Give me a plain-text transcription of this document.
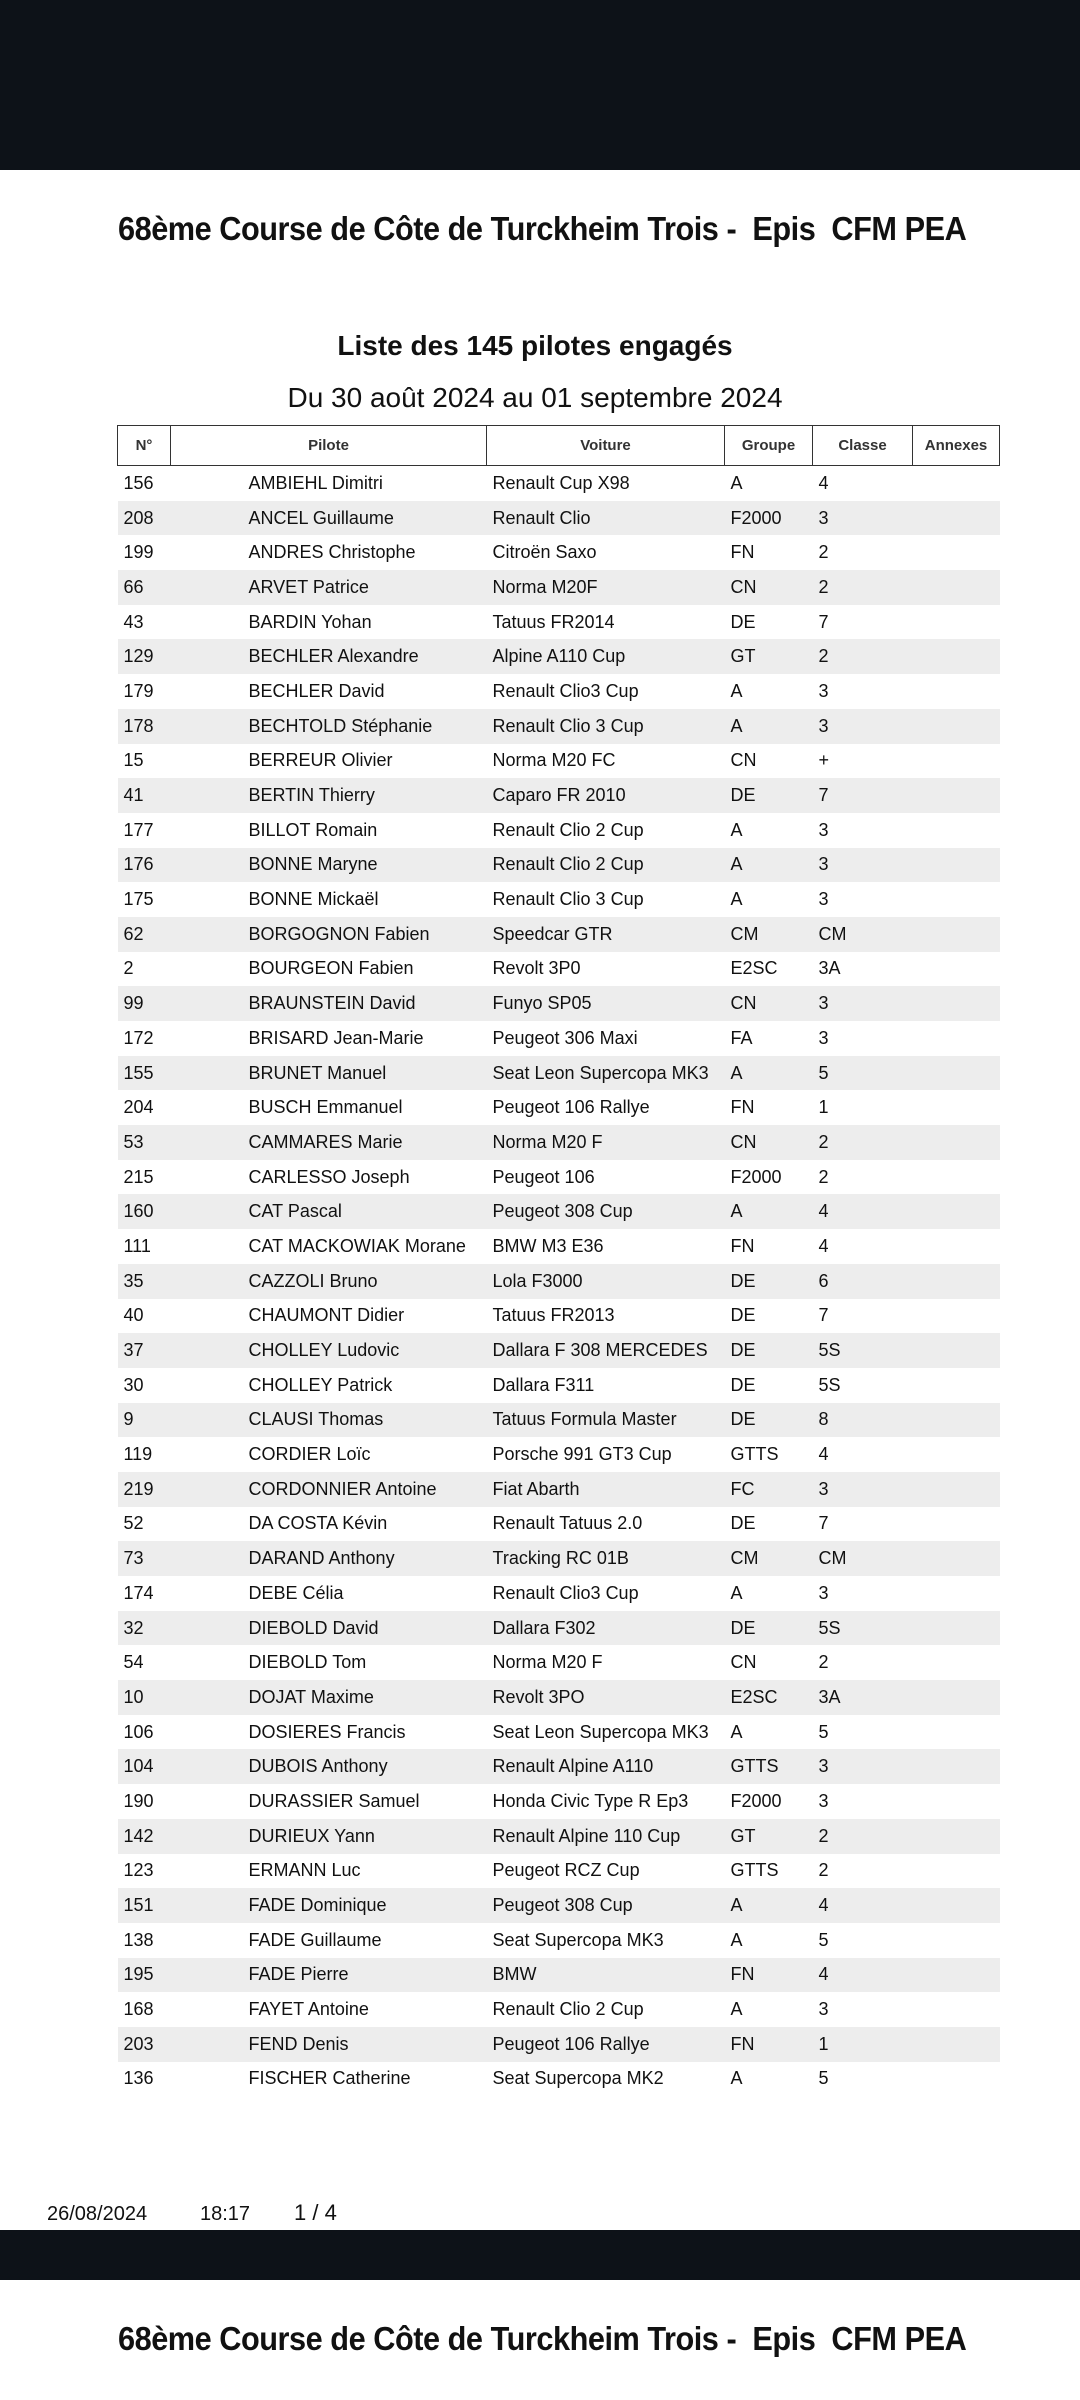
68ème Course de Côte de Turckheim Trois -  Epis  CFM PEA
Liste des 145 pilotes engagés
Du 30 août 2024 au 01 septembre 2024
N°	Pilote	Voiture	Groupe	Classe	Annexes
156	AMBIEHL Dimitri	Renault Cup X98	A	4	
208	ANCEL Guillaume	Renault Clio	F2000	3	
199	ANDRES Christophe	Citroën Saxo	FN	2	
66	ARVET Patrice	Norma M20F	CN	2	
43	BARDIN Yohan	Tatuus FR2014	DE	7	
129	BECHLER Alexandre	Alpine A110 Cup	GT	2	
179	BECHLER David	Renault Clio3 Cup	A	3	
178	BECHTOLD Stéphanie	Renault Clio 3 Cup	A	3	
15	BERREUR Olivier	Norma M20 FC	CN	+	
41	BERTIN Thierry	Caparo FR 2010	DE	7	
177	BILLOT Romain	Renault Clio 2 Cup	A	3	
176	BONNE Maryne	Renault Clio 2 Cup	A	3	
175	BONNE Mickaël	Renault Clio 3 Cup	A	3	
62	BORGOGNON Fabien	Speedcar GTR	CM	CM	
2	BOURGEON Fabien	Revolt 3P0	E2SC	3A	
99	BRAUNSTEIN David	Funyo SP05	CN	3	
172	BRISARD Jean-Marie	Peugeot 306 Maxi	FA	3	
155	BRUNET Manuel	Seat Leon Supercopa MK3	A	5	
204	BUSCH Emmanuel	Peugeot 106 Rallye	FN	1	
53	CAMMARES Marie	Norma M20 F	CN	2	
215	CARLESSO Joseph	Peugeot 106	F2000	2	
160	CAT Pascal	Peugeot 308 Cup	A	4	
111	CAT MACKOWIAK Morane	BMW M3 E36	FN	4	
35	CAZZOLI Bruno	Lola F3000	DE	6	
40	CHAUMONT Didier	Tatuus FR2013	DE	7	
37	CHOLLEY Ludovic	Dallara F 308 MERCEDES	DE	5S	
30	CHOLLEY Patrick	Dallara F311	DE	5S	
9	CLAUSI Thomas	Tatuus Formula Master	DE	8	
119	CORDIER Loïc	Porsche 991 GT3 Cup	GTTS	4	
219	CORDONNIER Antoine	Fiat Abarth	FC	3	
52	DA COSTA Kévin	Renault Tatuus 2.0	DE	7	
73	DARAND Anthony	Tracking RC 01B	CM	CM	
174	DEBE Célia	Renault Clio3 Cup	A	3	
32	DIEBOLD David	Dallara F302	DE	5S	
54	DIEBOLD Tom	Norma M20 F	CN	2	
10	DOJAT Maxime	Revolt 3PO	E2SC	3A	
106	DOSIERES Francis	Seat Leon Supercopa MK3	A	5	
104	DUBOIS Anthony	Renault Alpine A110	GTTS	3	
190	DURASSIER Samuel	Honda Civic Type R Ep3	F2000	3	
142	DURIEUX Yann	Renault Alpine 110 Cup	GT	2	
123	ERMANN Luc	Peugeot RCZ Cup	GTTS	2	
151	FADE Dominique	Peugeot 308 Cup	A	4	
138	FADE Guillaume	Seat Supercopa MK3	A	5	
195	FADE Pierre	BMW	FN	4	
168	FAYET Antoine	Renault Clio 2 Cup	A	3	
203	FEND Denis	Peugeot 106 Rallye	FN	1	
136	FISCHER Catherine	Seat Supercopa MK2	A	5	
26/08/2024	18:17 1 / 4
68ème Course de Côte de Turckheim Trois -  Epis  CFM PEA
